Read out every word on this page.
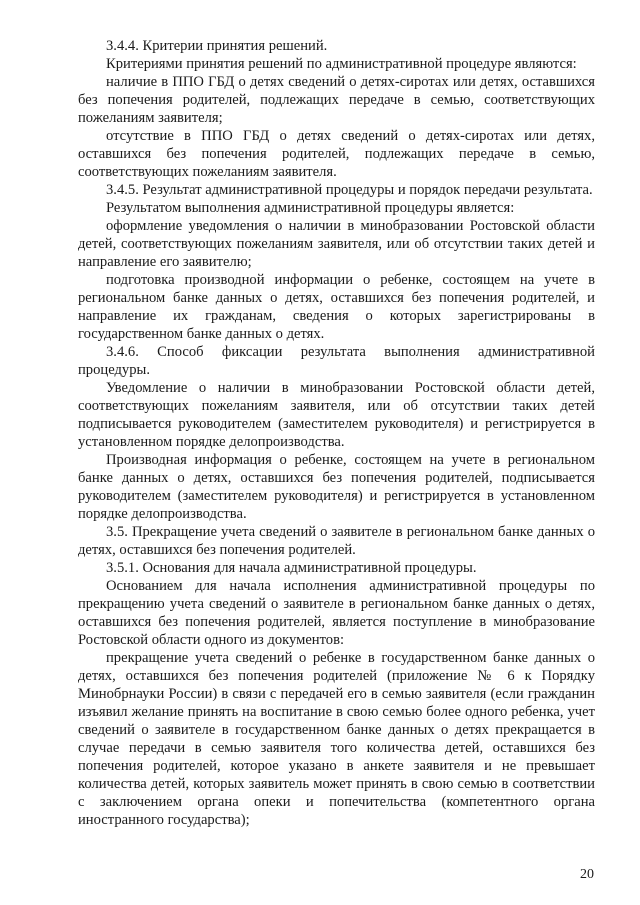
3.4.4. Критерии принятия решений.

Критериями принятия решений по административной процедуре являются:

наличие в ППО ГБД о детях сведений о детях-сиротах или детях, оставшихся без попечения родителей, подлежащих передаче в семью, соответствующих пожеланиям заявителя;

отсутствие в ППО ГБД о детях сведений о детях-сиротах или детях, оставшихся без попечения родителей, подлежащих передаче в семью, соответствующих пожеланиям заявителя.

3.4.5. Результат административной процедуры и порядок передачи результата.

Результатом выполнения административной процедуры является:

оформление уведомления о наличии в минобразовании Ростовской области детей, соответствующих пожеланиям заявителя, или об отсутствии таких детей и направление его заявителю;

подготовка производной информации о ребенке, состоящем на учете в региональном банке данных о детях, оставшихся без попечения родителей, и направление их гражданам, сведения о которых зарегистрированы в государственном банке данных о детях.

3.4.6. Способ фиксации результата выполнения административной процедуры.

Уведомление о наличии в минобразовании Ростовской области детей, соответствующих пожеланиям заявителя, или об отсутствии таких детей подписывается руководителем (заместителем руководителя) и регистрируется в установленном порядке делопроизводства.

Производная информация о ребенке, состоящем на учете в региональном банке данных о детях, оставшихся без попечения родителей, подписывается руководителем (заместителем руководителя) и регистрируется в установленном порядке делопроизводства.

3.5. Прекращение учета сведений о заявителе в региональном банке данных о детях, оставшихся без попечения родителей.

3.5.1. Основания для начала административной процедуры.

Основанием для начала исполнения административной процедуры по прекращению учета сведений о заявителе в региональном банке данных о детях, оставшихся без попечения родителей, является поступление в минобразование Ростовской области одного из документов:

прекращение учета сведений о ребенке в государственном банке данных о детях, оставшихся без попечения родителей (приложение № 6 к Порядку Минобрнауки России) в связи с передачей его в семью заявителя (если гражданин изъявил желание принять на воспитание в свою семью более одного ребенка, учет сведений о заявителе в государственном банке данных о детях прекращается в случае передачи в семью заявителя того количества детей, оставшихся без попечения родителей, которое указано в анкете заявителя и не превышает количества детей, которых заявитель может принять в свою семью в соответствии с заключением органа опеки и попечительства (компетентного органа иностранного государства);

20
